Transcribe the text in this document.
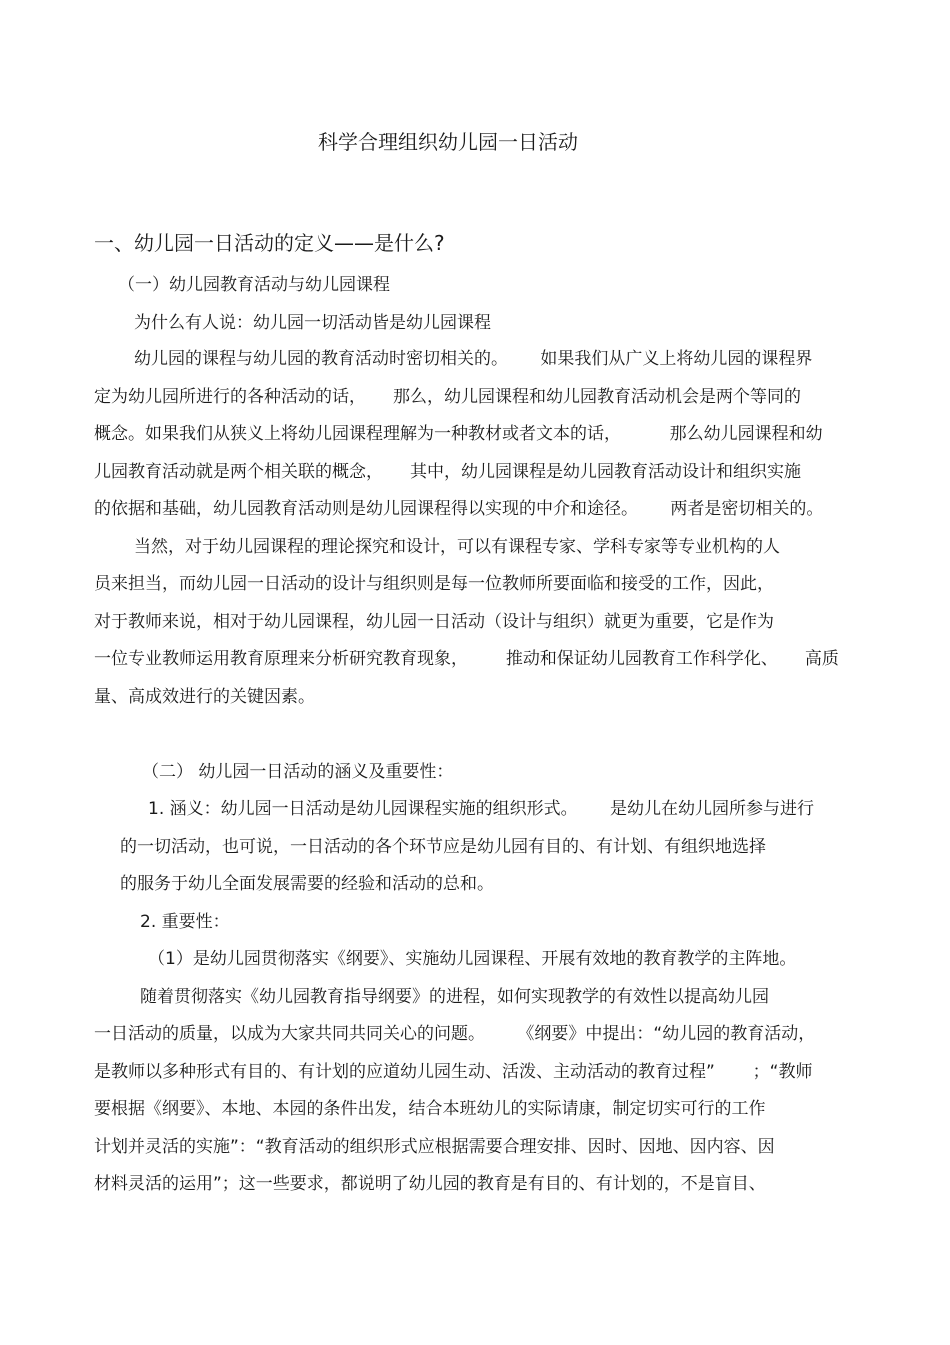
科学合理组织幼儿园一日活动
一、幼儿园一日活动的定义——是什么?
（一）幼儿园教育活动与幼儿园课程
为什么有人说：幼儿园一切活动皆是幼儿园课程
幼儿园的课程与幼儿园的教育活动时密切相关的。      如果我们从广义上将幼儿园的课程界
定为幼儿园所进行的各种活动的话，     那么，幼儿园课程和幼儿园教育活动机会是两个等同的
概念。如果我们从狭义上将幼儿园课程理解为一种教材或者文本的话，         那么幼儿园课程和幼
儿园教育活动就是两个相关联的概念，     其中，幼儿园课程是幼儿园教育活动设计和组织实施
的依据和基础，幼儿园教育活动则是幼儿园课程得以实现的中介和途径。      两者是密切相关的。
当然，对于幼儿园课程的理论探究和设计，可以有课程专家、学科专家等专业机构的人
员来担当，而幼儿园一日活动的设计与组织则是每一位教师所要面临和接受的工作，因此，
对于教师来说，相对于幼儿园课程，幼儿园一日活动（设计与组织）就更为重要，它是作为
一位专业教师运用教育原理来分析研究教育现象，       推动和保证幼儿园教育工作科学化、     高质
量、高成效进行的关键因素。
（二） 幼儿园一日活动的涵义及重要性：
1. 涵义：幼儿园一日活动是幼儿园课程实施的组织形式。      是幼儿在幼儿园所参与进行
的一切活动，也可说，一日活动的各个环节应是幼儿园有目的、有计划、有组织地选择
的服务于幼儿全面发展需要的经验和活动的总和。
2. 重要性：
（1）是幼儿园贯彻落实《纲要》、实施幼儿园课程、开展有效地的教育教学的主阵地。
随着贯彻落实《幼儿园教育指导纲要》的进程，如何实现教学的有效性以提高幼儿园
一日活动的质量，以成为大家共同共同关心的问题。      《纲要》中提出：“幼儿园的教育活动，
是教师以多种形式有目的、有计划的应道幼儿园生动、活泼、主动活动的教育过程”       ；“教师
要根据《纲要》、本地、本园的条件出发，结合本班幼儿的实际请康，制定切实可行的工作
计划并灵活的实施”：“教育活动的组织形式应根据需要合理安排、因时、因地、因内容、因
材料灵活的运用”；这一些要求，都说明了幼儿园的教育是有目的、有计划的，不是盲目、
